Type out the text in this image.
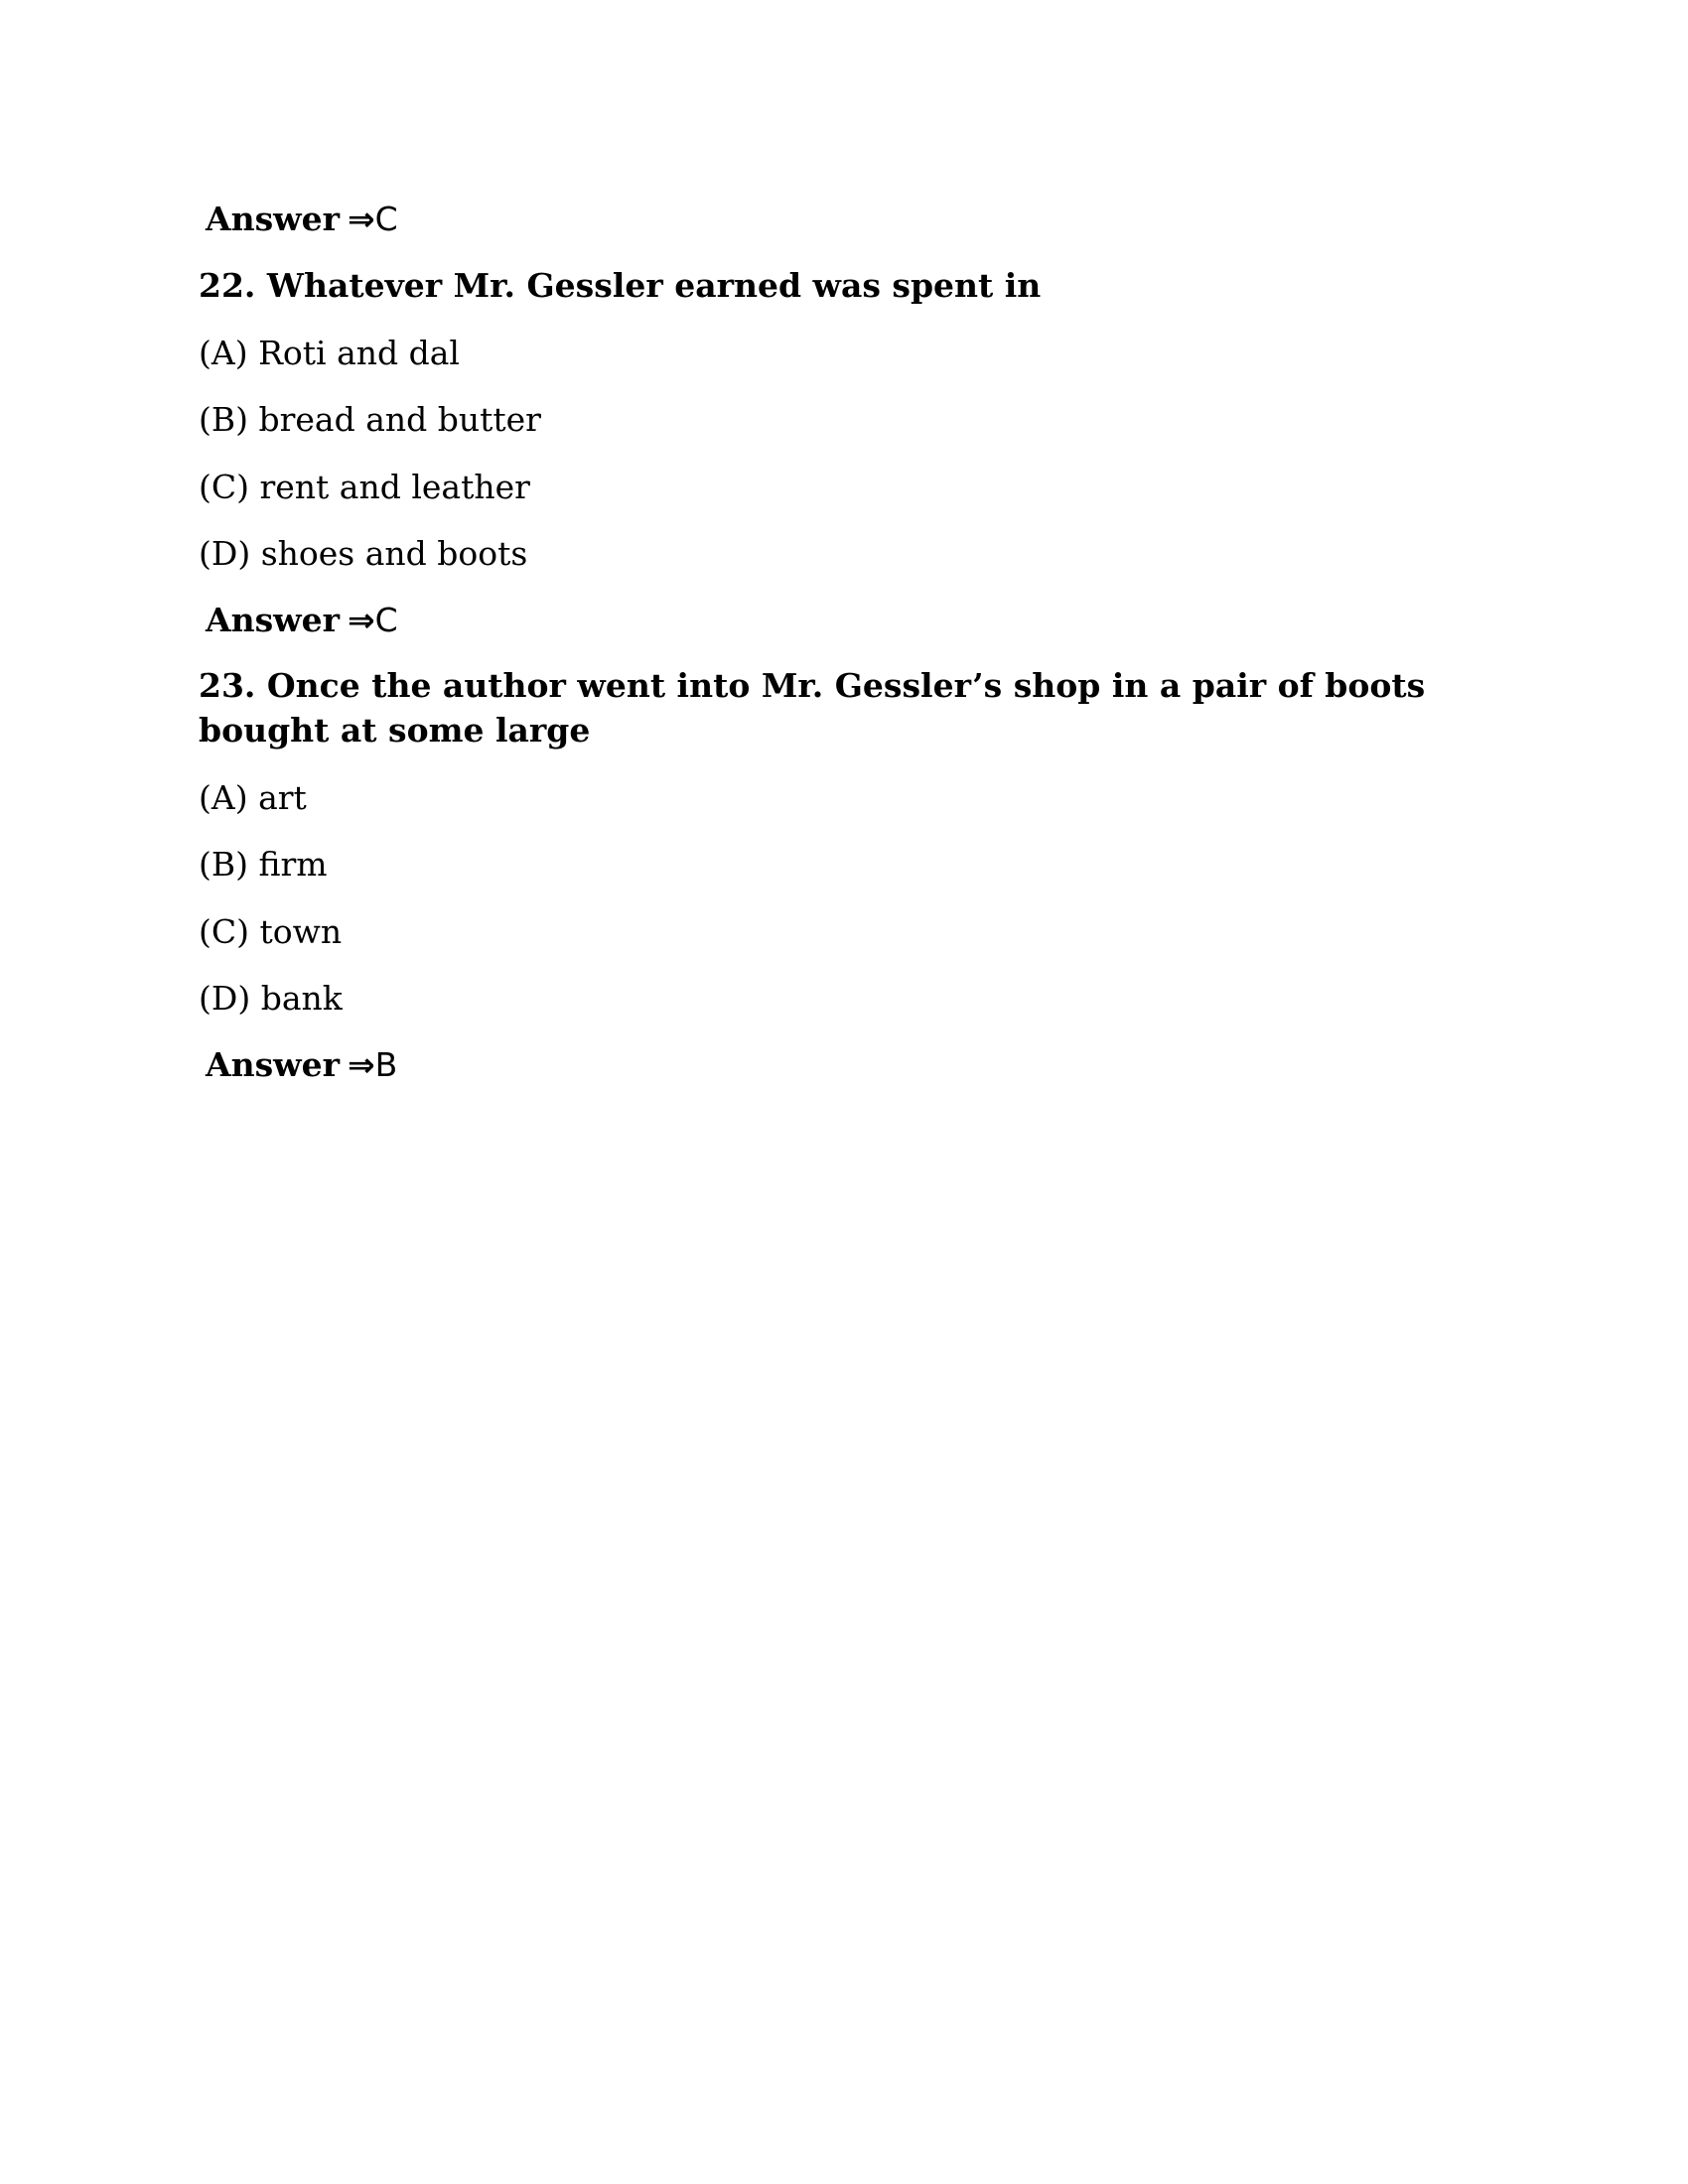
Answer ⇒C
22. Whatever Mr. Gessler earned was spent in
(A) Roti and dal
(B) bread and butter
(C) rent and leather
(D) shoes and boots
Answer ⇒C
23. Once the author went into Mr. Gessler’s shop in a pair of boots bought at some large
(A) art
(B) firm
(C) town
(D) bank
Answer ⇒B
